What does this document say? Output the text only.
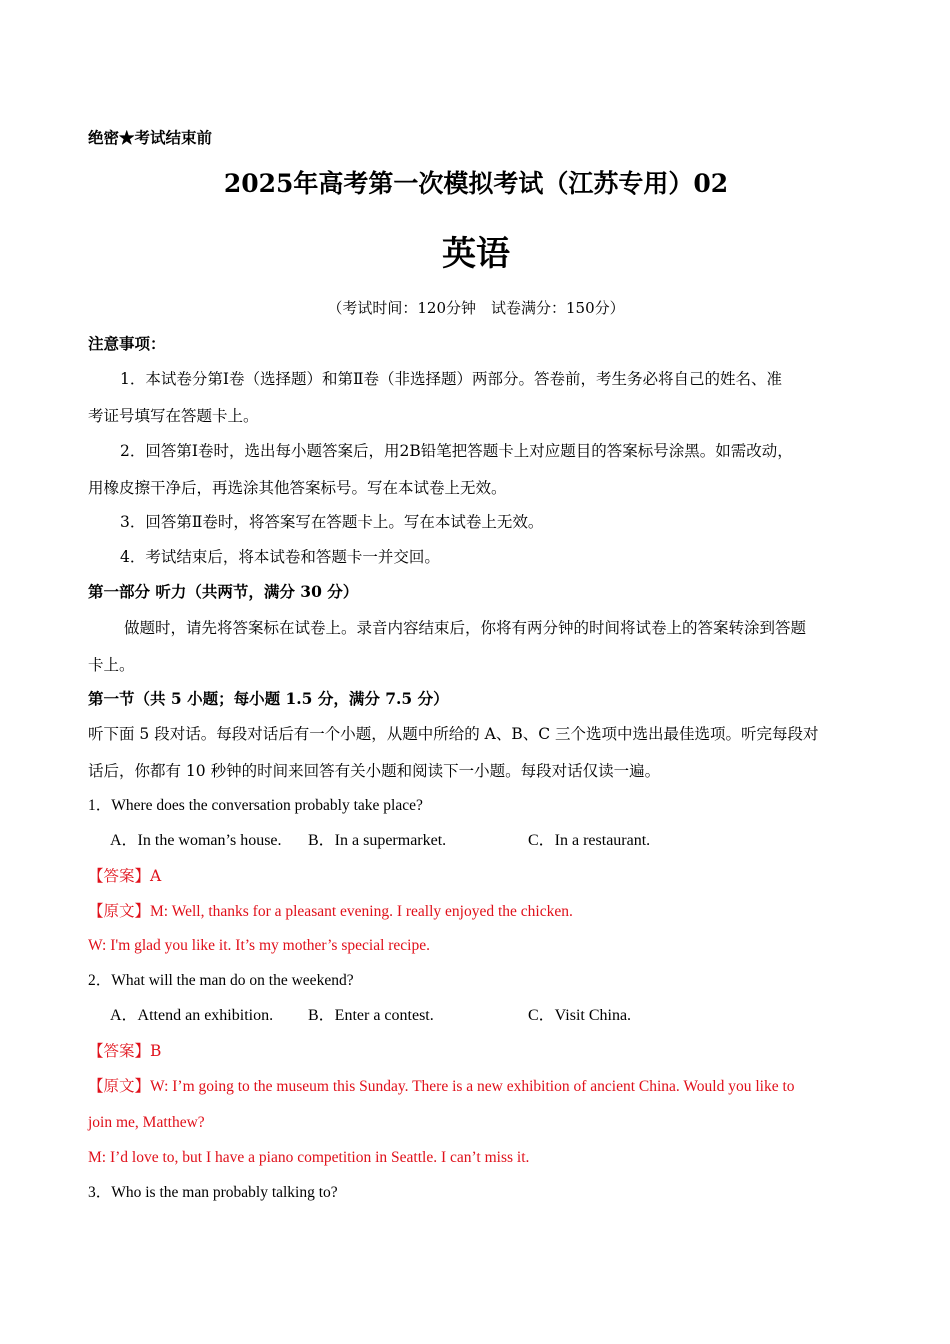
绝密★考试结束前
2025年高考第一次模拟考试（江苏专用）02
英语
（考试时间：120分钟　试卷满分：150分）
注意事项：
1．本试卷分第Ⅰ卷（选择题）和第Ⅱ卷（非选择题）两部分。答卷前，考生务必将自己的姓名、准
考证号填写在答题卡上。
2．回答第Ⅰ卷时，选出每小题答案后，用2B铅笔把答题卡上对应题目的答案标号涂黑。如需改动，
用橡皮擦干净后，再选涂其他答案标号。写在本试卷上无效。
3．回答第Ⅱ卷时，将答案写在答题卡上。写在本试卷上无效。
4．考试结束后，将本试卷和答题卡一并交回。
第一部分 听力（共两节，满分 30 分）
做题时，请先将答案标在试卷上。录音内容结束后，你将有两分钟的时间将试卷上的答案转涂到答题
卡上。
第一节（共 5 小题；每小题 1.5 分，满分 7.5 分）
听下面 5 段对话。每段对话后有一个小题，从题中所给的 A、B、C 三个选项中选出最佳选项。听完每段对
话后，你都有 10 秒钟的时间来回答有关小题和阅读下一小题。每段对话仅读一遍。
1．Where does the conversation probably take place?
A．In the woman’s house. B．In a supermarket.	C．In a restaurant.
【答案】A
【原文】M: Well, thanks for a pleasant evening. I really enjoyed the chicken.
W: I'm glad you like it. It’s my mother’s special recipe.
2．What will the man do on the weekend?
A．Attend an exhibition. B．Enter a contest.	C．Visit China.
【答案】B
【原文】W: I’m going to the museum this Sunday. There is a new exhibition of ancient China. Would you like to
join me, Matthew?
M: I’d love to, but I have a piano competition in Seattle. I can’t miss it.
3．Who is the man probably talking to?
